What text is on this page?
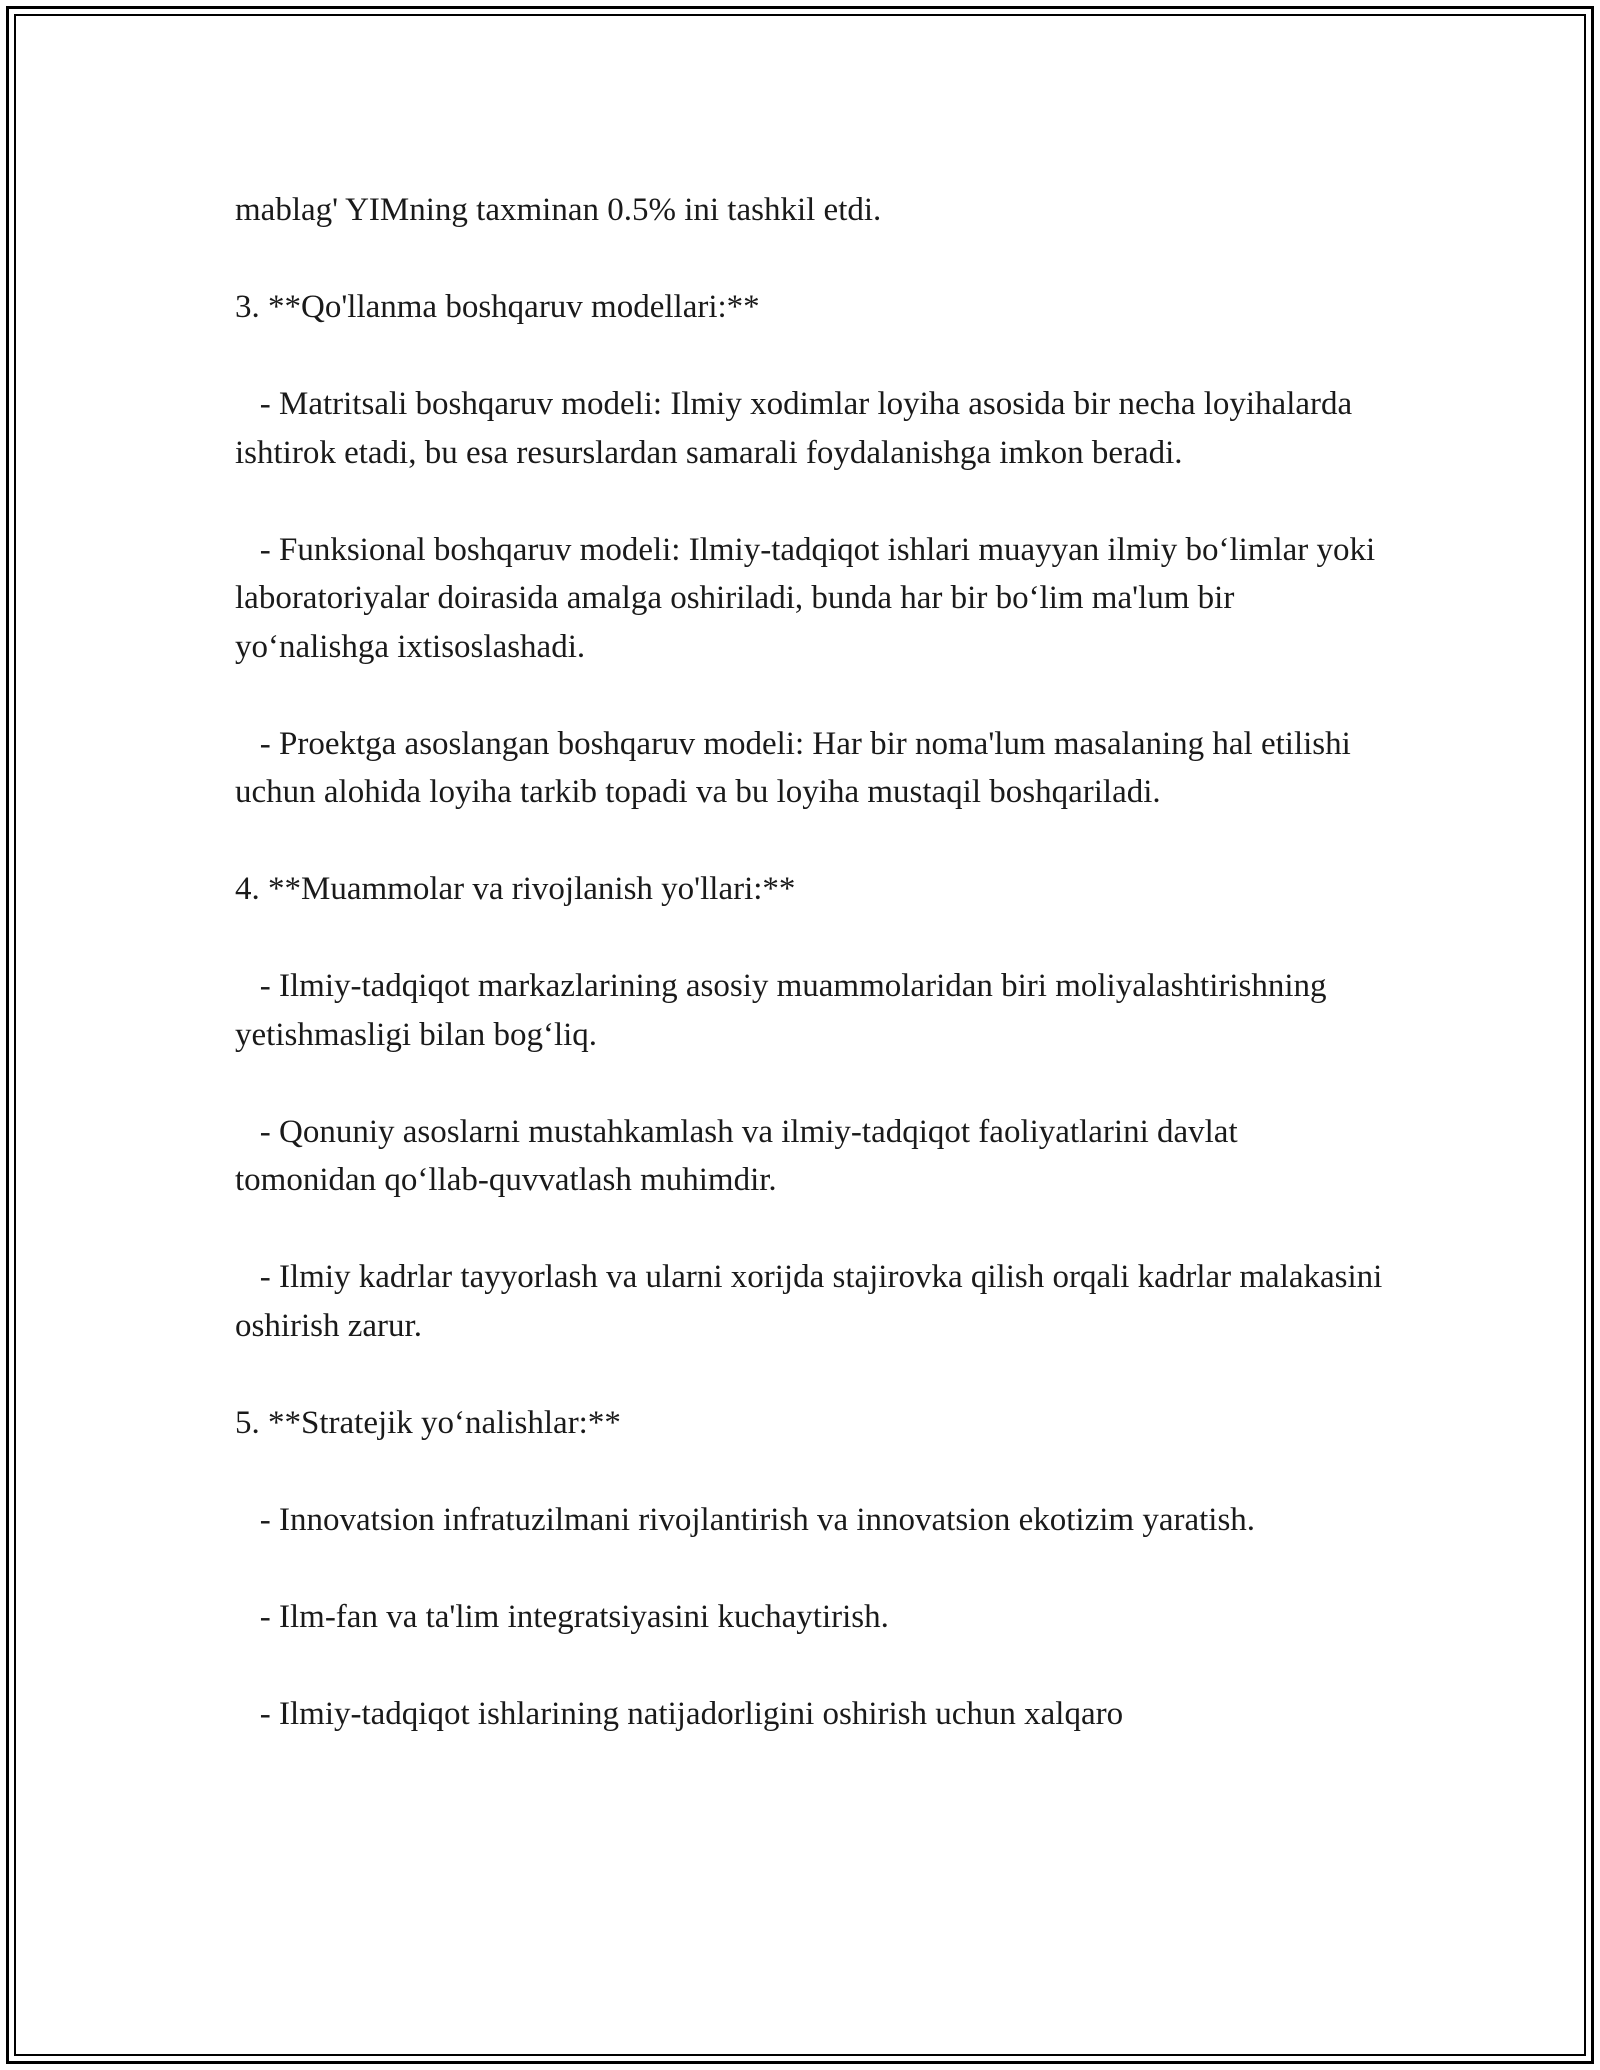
mablag' YIMning taxminan 0.5% ini tashkil etdi.

3. **Qo'llanma boshqaruv modellari:**

- Matritsali boshqaruv modeli: Ilmiy xodimlar loyiha asosida bir necha loyihalarda ishtirok etadi, bu esa resurslardan samarali foydalanishga imkon beradi.

- Funksional boshqaruv modeli: Ilmiy-tadqiqot ishlari muayyan ilmiy bo‘limlar yoki laboratoriyalar doirasida amalga oshiriladi, bunda har bir bo‘lim ma'lum bir yo‘nalishga ixtisoslashadi.

- Proektga asoslangan boshqaruv modeli: Har bir noma'lum masalaning hal etilishi uchun alohida loyiha tarkib topadi va bu loyiha mustaqil boshqariladi.

4. **Muammolar va rivojlanish yo'llari:**

- Ilmiy-tadqiqot markazlarining asosiy muammolaridan biri moliyalashtirishning yetishmasligi bilan bog‘liq.

- Qonuniy asoslarni mustahkamlash va ilmiy-tadqiqot faoliyatlarini davlat tomonidan qo‘llab-quvvatlash muhimdir.

- Ilmiy kadrlar tayyorlash va ularni xorijda stajirovka qilish orqali kadrlar malakasini oshirish zarur.

5. **Stratejik yo‘nalishlar:**

- Innovatsion infratuzilmani rivojlantirish va innovatsion ekotizim yaratish.

- Ilm-fan va ta'lim integratsiyasini kuchaytirish.

- Ilmiy-tadqiqot ishlarining natijadorligini oshirish uchun xalqaro
